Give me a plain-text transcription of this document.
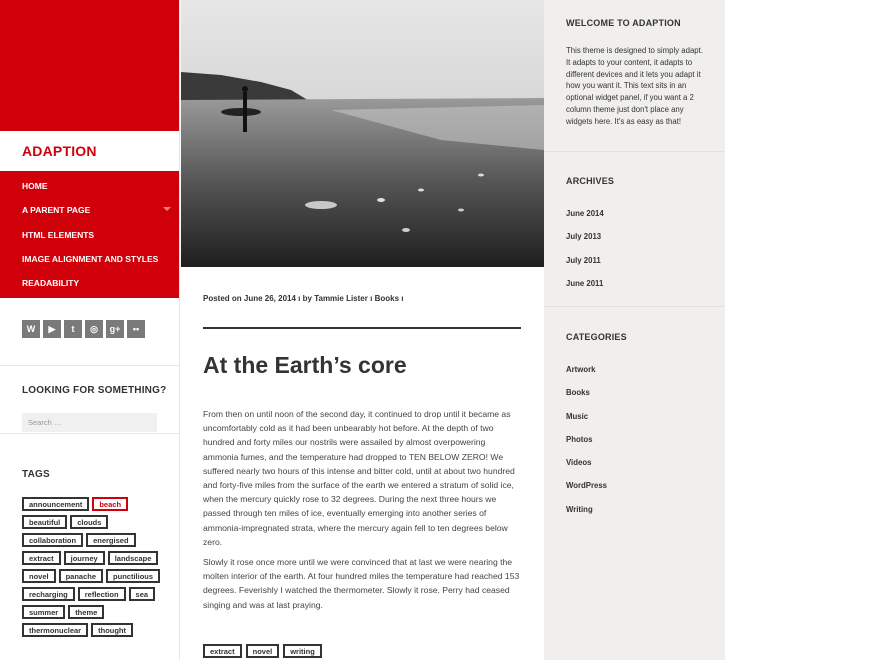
ADAPTION
HOME
A PARENT PAGE
HTML ELEMENTS
IMAGE ALIGNMENT AND STYLES
READABILITY
W	▶	t	◎	g+	••
LOOKING FOR SOMETHING?
Search …
TAGS
announcement	beach
beautiful	clouds
collaboration	energised
extract	journey	landscape
novel	panache	punctilious
recharging	reflection	sea
summer	theme
thermonuclear	thought
Posted on June 26, 2014 ı by Tammie Lister ı Books ı
At the Earth’s core

From then on until noon of the second day, it continued to drop until it became as uncomfortably cold as it had been unbearably hot before. At the depth of two hundred and forty miles our nostrils were assailed by almost overpowering ammonia fumes, and the temperature had dropped to TEN BELOW ZERO! We suffered nearly two hours of this intense and bitter cold, until at about two hundred and forty-five miles from the surface of the earth we entered a stratum of solid ice, when the mercury quickly rose to 32 degrees. During the next three hours we passed through ten miles of ice, eventually emerging into another series of ammonia-impregnated strata, where the mercury again fell to ten degrees below zero.

Slowly it rose once more until we were convinced that at last we were nearing the molten interior of the earth. At four hundred miles the temperature had reached 153 degrees. Feverishly I watched the thermometer. Slowly it rose. Perry had ceased singing and was at last praying.

extract	novel	writing
WELCOME TO ADAPTION
This theme is designed to simply adapt. It adapts to your content, it adapts to different devices and it lets you adapt it how you want it. This text sits in an optional widget panel, if you want a 2 column theme just don't place any widgets here. It's as easy as that!
ARCHIVES
June 2014
July 2013
July 2011
June 2011
CATEGORIES
Artwork
Books
Music
Photos
Videos
WordPress
Writing
